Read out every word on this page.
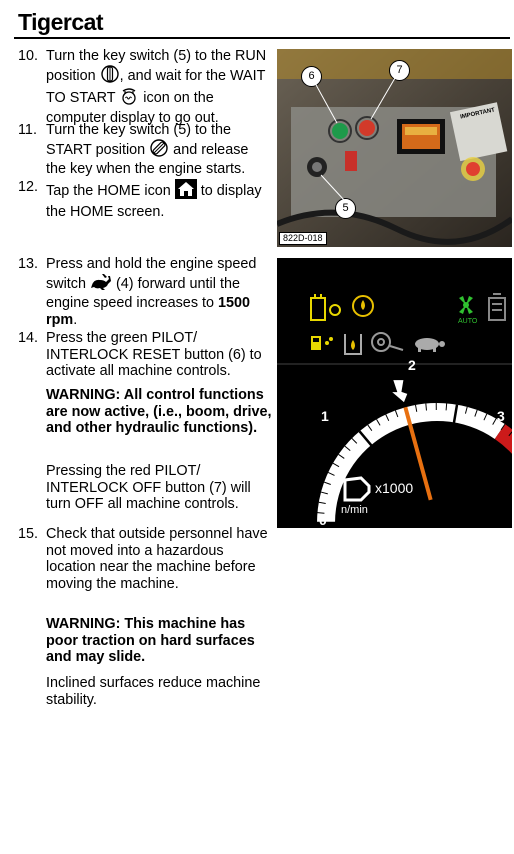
Tigercat
10. Turn the key switch (5) to the RUN position , and wait for the WAIT TO START  icon on the computer display to go out.
11. Turn the key switch (5) to the START position  and release the key when the engine starts.
12. Tap the HOME icon  to display the HOME screen.
13. Press and hold the engine speed switch  (4) forward until the engine speed increases to 1500 rpm.
14. Press the green PILOT/ INTERLOCK RESET button (6) to activate all machine controls.
WARNING: All control functions are now active, (i.e., boom, drive, and other hydraulic functions).
Pressing the red PILOT/ INTERLOCK OFF button (7) will turn OFF all machine controls.
15. Check that outside personnel have not moved into a hazardous location near the machine before moving the machine.
WARNING: This machine has poor traction on hard surfaces and may slide.
Inclined surfaces reduce machine stability.
6	7
5
IMPORTANT
822D-018
AUTO
x1000
n/min
0
1
2
3
